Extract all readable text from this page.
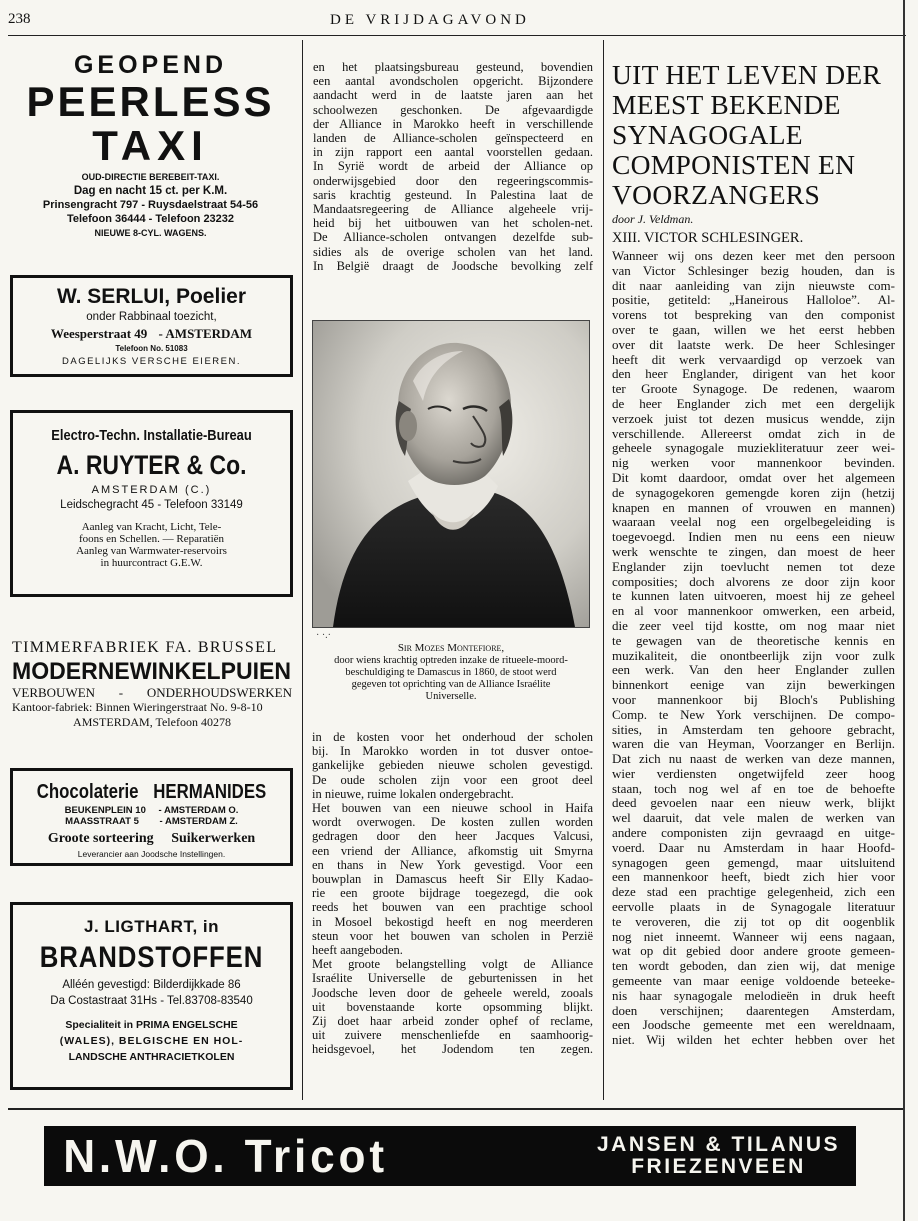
238	DE VRIJDAGAVOND
GEOPEND
PEERLESS
TAXI
OUD-DIRECTIE BEREBEIT-TAXI.
Dag en nacht 15 ct. per K.M.
Prinsengracht 797 - Ruysdaelstraat 54-56
Telefoon 36444 - Telefoon 23232
NIEUWE 8-CYL. WAGENS.
W. SERLUI, Poelier
onder Rabbinaal toezicht,
Weesperstraat 49 - AMSTERDAM
Telefoon No. 51083
DAGELIJKS VERSCHE EIEREN.
Electro-Techn. Installatie-Bureau
A. RUYTER & Co.
AMSTERDAM (C.)
Leidschegracht 45 - Telefoon 33149
Aanleg van Kracht, Licht, Tele-
foons en Schellen. — Reparatiën
Aanleg van Warmwater-reservoirs
in huurcontract G.E.W.
TIMMERFABRIEK FA. BRUSSEL
MODERNE WINKELPUIEN
VERBOUWEN - ONDERHOUDSWERKEN
Kantoor-fabriek: Binnen Wieringerstraat No. 9-8-10
AMSTERDAM, Telefoon 40278
Chocolaterie HERMANIDES
BEUKENPLEIN 10 - AMSTERDAM O.
MAASSTRAAT 5 - AMSTERDAM Z.
Groote sorteering Suikerwerken
Leverancier aan Joodsche Instellingen.
J. LIGTHART, in
BRANDSTOFFEN
Alléén gevestigd: Bilderdijkkade 86
Da Costastraat 31Hs - Tel.83708-83540
Specialiteit in PRIMA ENGELSCHE
(WALES), BELGISCHE EN HOL-
LANDSCHE ANTHRACIETKOLEN
en het plaatsingsbureau gesteund, bovendien
een aantal avondscholen opgericht. Bijzondere
aandacht werd in de laatste jaren aan het
schoolwezen geschonken. De afgevaardigde
der Alliance in Marokko heeft in verschillende
landen de Alliance-scholen geïnspecteerd en
in zijn rapport een aantal voorstellen gedaan.
In Syrië wordt de arbeid der Alliance op
onderwijsgebied door den regeeringscommis-
saris krachtig gesteund. In Palestina laat de
Mandaatsregeering de Alliance algeheele vrij-
heid bij het uitbouwen van het scholen-net.
De Alliance-scholen ontvangen dezelfde sub-
sidies als de overige scholen van het land.
In België draagt de Joodsche bevolking zelf
· ·.·
Sir Mozes Montefiore,
door wiens krachtig optreden inzake de ritueele-moord-
beschuldiging te Damascus in 1860, de stoot werd
gegeven tot oprichting van de Alliance Israélite
Universelle.
in de kosten voor het onderhoud der scholen
bij. In Marokko worden in tot dusver ontoe-
gankelijke gebieden nieuwe scholen gevestigd.
De oude scholen zijn voor een groot deel
in nieuwe, ruime lokalen ondergebracht.
Het bouwen van een nieuwe school in Haifa
wordt overwogen. De kosten zullen worden
gedragen door den heer Jacques Valcusi,
een vriend der Alliance, afkomstig uit Smyrna
en thans in New York gevestigd. Voor een
bouwplan in Damascus heeft Sir Elly Kadao-
rie een groote bijdrage toegezegd, die ook
reeds het bouwen van een prachtige school
in Mosoel bekostigd heeft en nog meerderen
steun voor het bouwen van scholen in Perzië
heeft aangeboden.
Met groote belangstelling volgt de Alliance
Israélite Universelle de geburtenissen in het
Joodsche leven door de geheele wereld, zooals
uit bovenstaande korte opsomming blijkt.
Zij doet haar arbeid zonder ophef of reclame,
uit zuivere menschenliefde en saamhoorig-
heidsgevoel, het Jodendom ten zegen.
UIT HET LEVEN DER
MEEST BEKENDE
SYNAGOGALE
COMPONISTEN EN
VOORZANGERS
door J. Veldman.
XIII. VICTOR SCHLESINGER.
Wanneer wij ons dezen keer met den persoon
van Victor Schlesinger bezig houden, dan is
dit naar aanleiding van zijn nieuwste com-
positie, getiteld: „Haneirous Halloloe”. Al-
vorens tot bespreking van den componist
over te gaan, willen we het eerst hebben
over dit laatste werk. De heer Schlesinger
heeft dit werk vervaardigd op verzoek van
den heer Englander, dirigent van het koor
ter Groote Synagoge. De redenen, waarom
de heer Englander zich met een dergelijk
verzoek juist tot dezen musicus wendde, zijn
verschillende. Allereerst omdat zich in de
geheele synagogale muziekliteratuur zeer wei-
nig werken voor mannenkoor bevinden.
Dit komt daardoor, omdat over het algemeen
de synagogekoren gemengde koren zijn (hetzij
knapen en mannen of vrouwen en mannen)
waaraan veelal nog een orgelbegeleiding is
toegevoegd. Indien men nu eens een nieuw
werk wenschte te zingen, dan moest de heer
Englander zijn toevlucht nemen tot deze
composities; doch alvorens ze door zijn koor
te kunnen laten uitvoeren, moest hij ze geheel
en al voor mannenkoor omwerken, een arbeid,
die zeer veel tijd kostte, om nog maar niet
te gewagen van de theoretische kennis en
muzikaliteit, die onontbeerlijk zijn voor zulk
een werk. Van den heer Englander zullen
binnenkort eenige van zijn bewerkingen
voor mannenkoor bij Bloch's Publishing
Comp. te New York verschijnen. De compo-
sities, in Amsterdam ten gehoore gebracht,
waren die van Heyman, Voorzanger en Berlijn.
Dat zich nu naast de werken van deze mannen,
wier verdiensten ongetwijfeld zeer hoog
staan, toch nog wel af en toe de behoefte
deed gevoelen naar een nieuw werk, blijkt
wel daaruit, dat vele malen de werken van
andere componisten zijn gevraagd en uitge-
voerd. Daar nu Amsterdam in haar Hoofd-
synagogen geen gemengd, maar uitsluitend
een mannenkoor heeft, biedt zich hier voor
deze stad een prachtige gelegenheid, zich een
eervolle plaats in de Synagogale literatuur
te veroveren, die zij tot op dit oogenblik
nog niet inneemt. Wanneer wij eens nagaan,
wat op dit gebied door andere groote gemeen-
ten wordt geboden, dan zien wij, dat menige
gemeente van maar eenige voldoende beteeke-
nis haar synagogale melodieën in druk heeft
doen verschijnen; daarentegen Amsterdam,
een Joodsche gemeente met een wereldnaam,
niet. Wij wilden het echter hebben over het
N.W.O. Tricot	JANSEN & TILANUS
FRIEZENVEEN
